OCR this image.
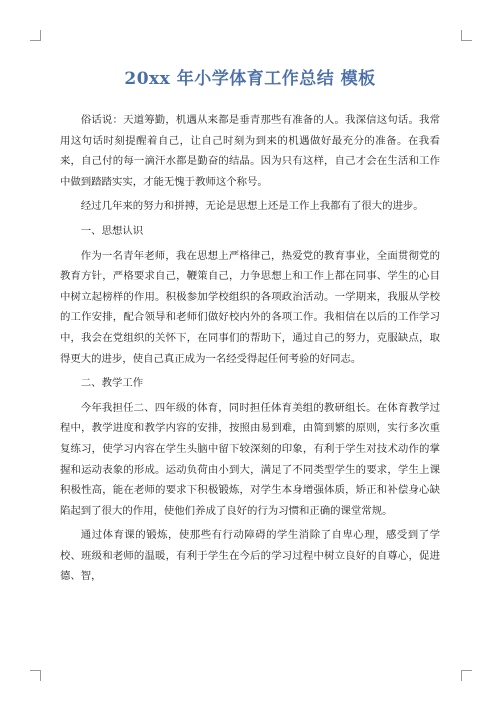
20xx 年小学体育工作总结 模板

俗话说：天道筹勤，机遇从来都是垂青那些有准备的人。我深信这句话。我常用这句话时刻提醒着自己，让自己时刻为到来的机遇做好最充分的准备。在我看来，自己付的每一滴汗水都是勤奋的结晶。因为只有这样，自己才会在生活和工作中做到踏踏实实，才能无愧于教师这个称号。

经过几年来的努力和拼搏，无论是思想上还是工作上我都有了很大的进步。

一、思想认识

作为一名青年老师，我在思想上严格律己，热爱党的教育事业，全面贯彻党的教育方针，严格要求自己，鞭策自己，力争思想上和工作上都在同事、学生的心目中树立起榜样的作用。积极参加学校组织的各项政治活动。一学期来，我服从学校的工作安排，配合领导和老师们做好校内外的各项工作。我相信在以后的工作学习中，我会在党组织的关怀下，在同事们的帮助下，通过自己的努力，克服缺点，取得更大的进步，使自己真正成为一名经受得起任何考验的好同志。

二、教学工作

今年我担任二、四年级的体育，同时担任体育美组的教研组长。在体育教学过程中，教学进度和教学内容的安排，按照由易到难，由简到繁的原则，实行多次重复练习，使学习内容在学生头脑中留下较深刻的印象，有利于学生对技术动作的掌握和运动表象的形成。运动负荷由小到大，满足了不同类型学生的要求，学生上课积极性高，能在老师的要求下积极锻炼，对学生本身增强体质，矫正和补偿身心缺陷起到了很大的作用，使他们养成了良好的行为习惯和正确的课堂常规。

通过体育课的锻炼，使那些有行动障碍的学生消除了自卑心理，感受到了学校、班级和老师的温暖，有利于学生在今后的学习过程中树立良好的自尊心，促进德、智，
